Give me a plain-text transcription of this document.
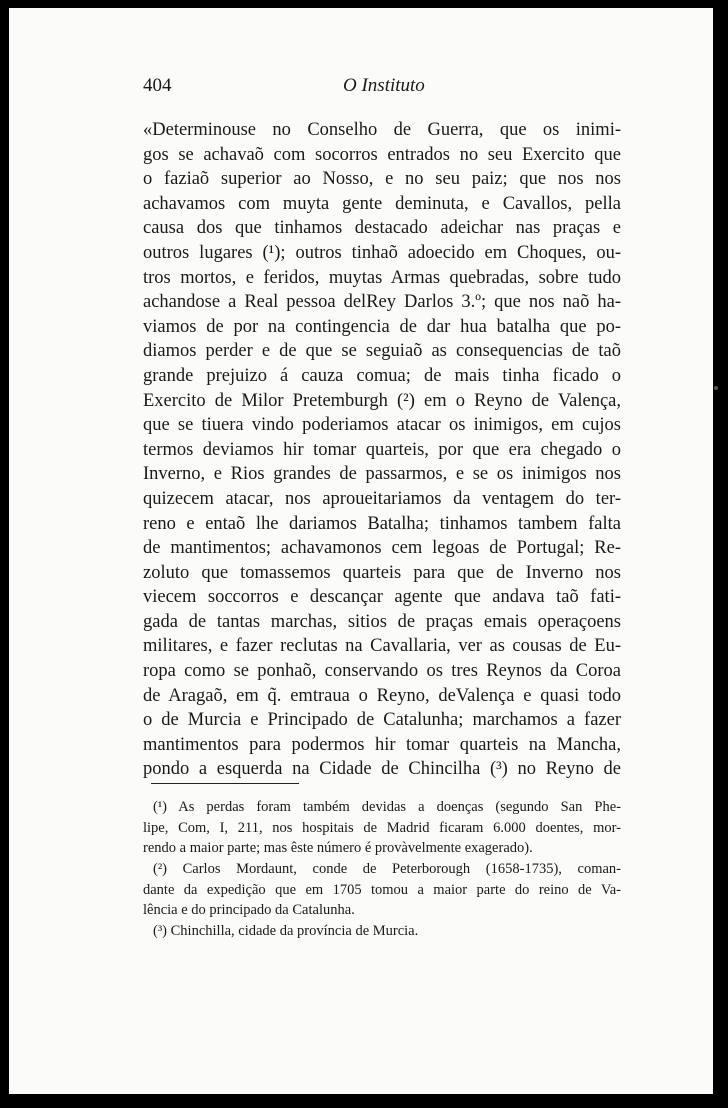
404	O Instituto
«Determinouse no Conselho de Guerra, que os inimi-
gos se achavaõ com socorros entrados no seu Exercito que
o faziaõ superior ao Nosso, e no seu paiz; que nos nos
achavamos com muyta gente deminuta, e Cavallos, pella
causa dos que tinhamos destacado adeichar nas praças e
outros lugares (¹); outros tinhaõ adoecido em Choques, ou-
tros mortos, e feridos, muytas Armas quebradas, sobre tudo
achandose a Real pessoa delRey Darlos 3.º; que nos naõ ha-
viamos de por na contingencia de dar hua batalha que po-
diamos perder e de que se seguiaõ as consequencias de taõ
grande prejuizo á cauza comua; de mais tinha ficado o
Exercito de Milor Pretemburgh (²) em o Reyno de Valença,
que se tiuera vindo poderiamos atacar os inimigos, em cujos
termos deviamos hir tomar quarteis, por que era chegado o
Inverno, e Rios grandes de passarmos, e se os inimigos nos
quizecem atacar, nos aproueitariamos da ventagem do ter-
reno e entaõ lhe dariamos Batalha; tinhamos tambem falta
de mantimentos; achavamonos cem legoas de Portugal; Re-
zoluto que tomassemos quarteis para que de Inverno nos
viecem soccorros e descançar agente que andava taõ fati-
gada de tantas marchas, sitios de praças emais operaçoens
militares, e fazer reclutas na Cavallaria, ver as cousas de Eu-
ropa como se ponhaõ, conservando os tres Reynos da Coroa
de Aragaõ, em q̃. emtraua o Reyno, deValença e quasi todo
o de Murcia e Principado de Catalunha; marchamos a fazer
mantimentos para podermos hir tomar quarteis na Mancha,
pondo a esquerda na Cidade de Chincilha (³) no Reyno de
(¹) As perdas foram também devidas a doenças (segundo San Phe-
lipe, Com, I, 211, nos hospitais de Madrid ficaram 6.000 doentes, mor-
rendo a maior parte; mas êste número é provàvelmente exagerado).
(²) Carlos Mordaunt, conde de Peterborough (1658-1735), coman-
dante da expedição que em 1705 tomou a maior parte do reino de Va-
lência e do principado da Catalunha.
(³) Chinchilla, cidade da província de Murcia.
